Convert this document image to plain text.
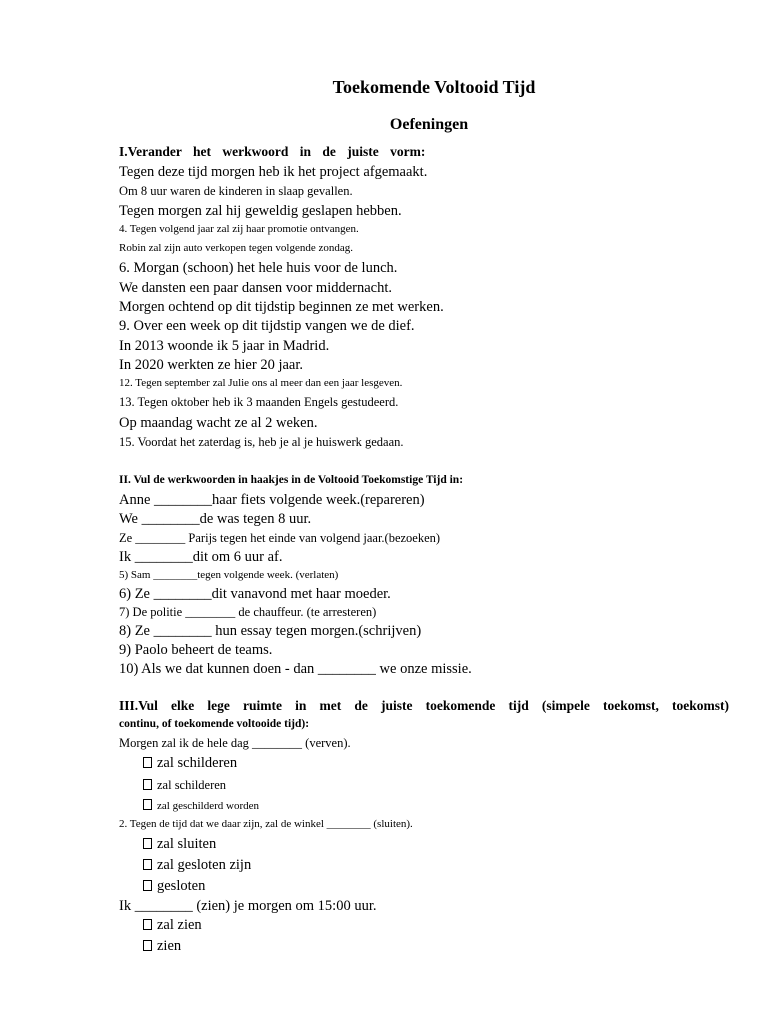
Toekomende Voltooid Tijd
Oefeningen

I.Verander het werkwoord in de juiste vorm:

Tegen deze tijd morgen heb ik het project afgemaakt.

Om 8 uur waren de kinderen in slaap gevallen.

Tegen morgen zal hij geweldig geslapen hebben.

4. Tegen volgend jaar zal zij haar promotie ontvangen.

Robin zal zijn auto verkopen tegen volgende zondag.

6. Morgan (schoon) het hele huis voor de lunch.

We dansten een paar dansen voor middernacht.

Morgen ochtend op dit tijdstip beginnen ze met werken.

9. Over een week op dit tijdstip vangen we de dief.

In 2013 woonde ik 5 jaar in Madrid.

In 2020 werkten ze hier 20 jaar.

12. Tegen september zal Julie ons al meer dan een jaar lesgeven.

13. Tegen oktober heb ik 3 maanden Engels gestudeerd.

Op maandag wacht ze al 2 weken.

15. Voordat het zaterdag is, heb je al je huiswerk gedaan.

II. Vul de werkwoorden in haakjes in de Voltooid Toekomstige Tijd in:

Anne ________haar fiets volgende week.(repareren)

We ________de was tegen 8 uur.

Ze ________ Parijs tegen het einde van volgend jaar.(bezoeken)

Ik ________dit om 6 uur af.

5) Sam ________tegen volgende week. (verlaten)

6) Ze ________dit vanavond met haar moeder.

7) De politie ________ de chauffeur. (te arresteren)

8) Ze ________ hun essay tegen morgen.(schrijven)

9) Paolo beheert de teams.

10) Als we dat kunnen doen - dan ________ we onze missie.

III.Vul elke lege ruimte in met de juiste toekomende tijd (simpele toekomst, toekomst)

continu, of toekomende voltooide tijd):

Morgen zal ik de hele dag ________ (verven).

zal schilderen

zal schilderen

zal geschilderd worden

2. Tegen de tijd dat we daar zijn, zal de winkel ________ (sluiten).

zal sluiten

zal gesloten zijn

gesloten

Ik ________ (zien) je morgen om 15:00 uur.

zal zien

zien
